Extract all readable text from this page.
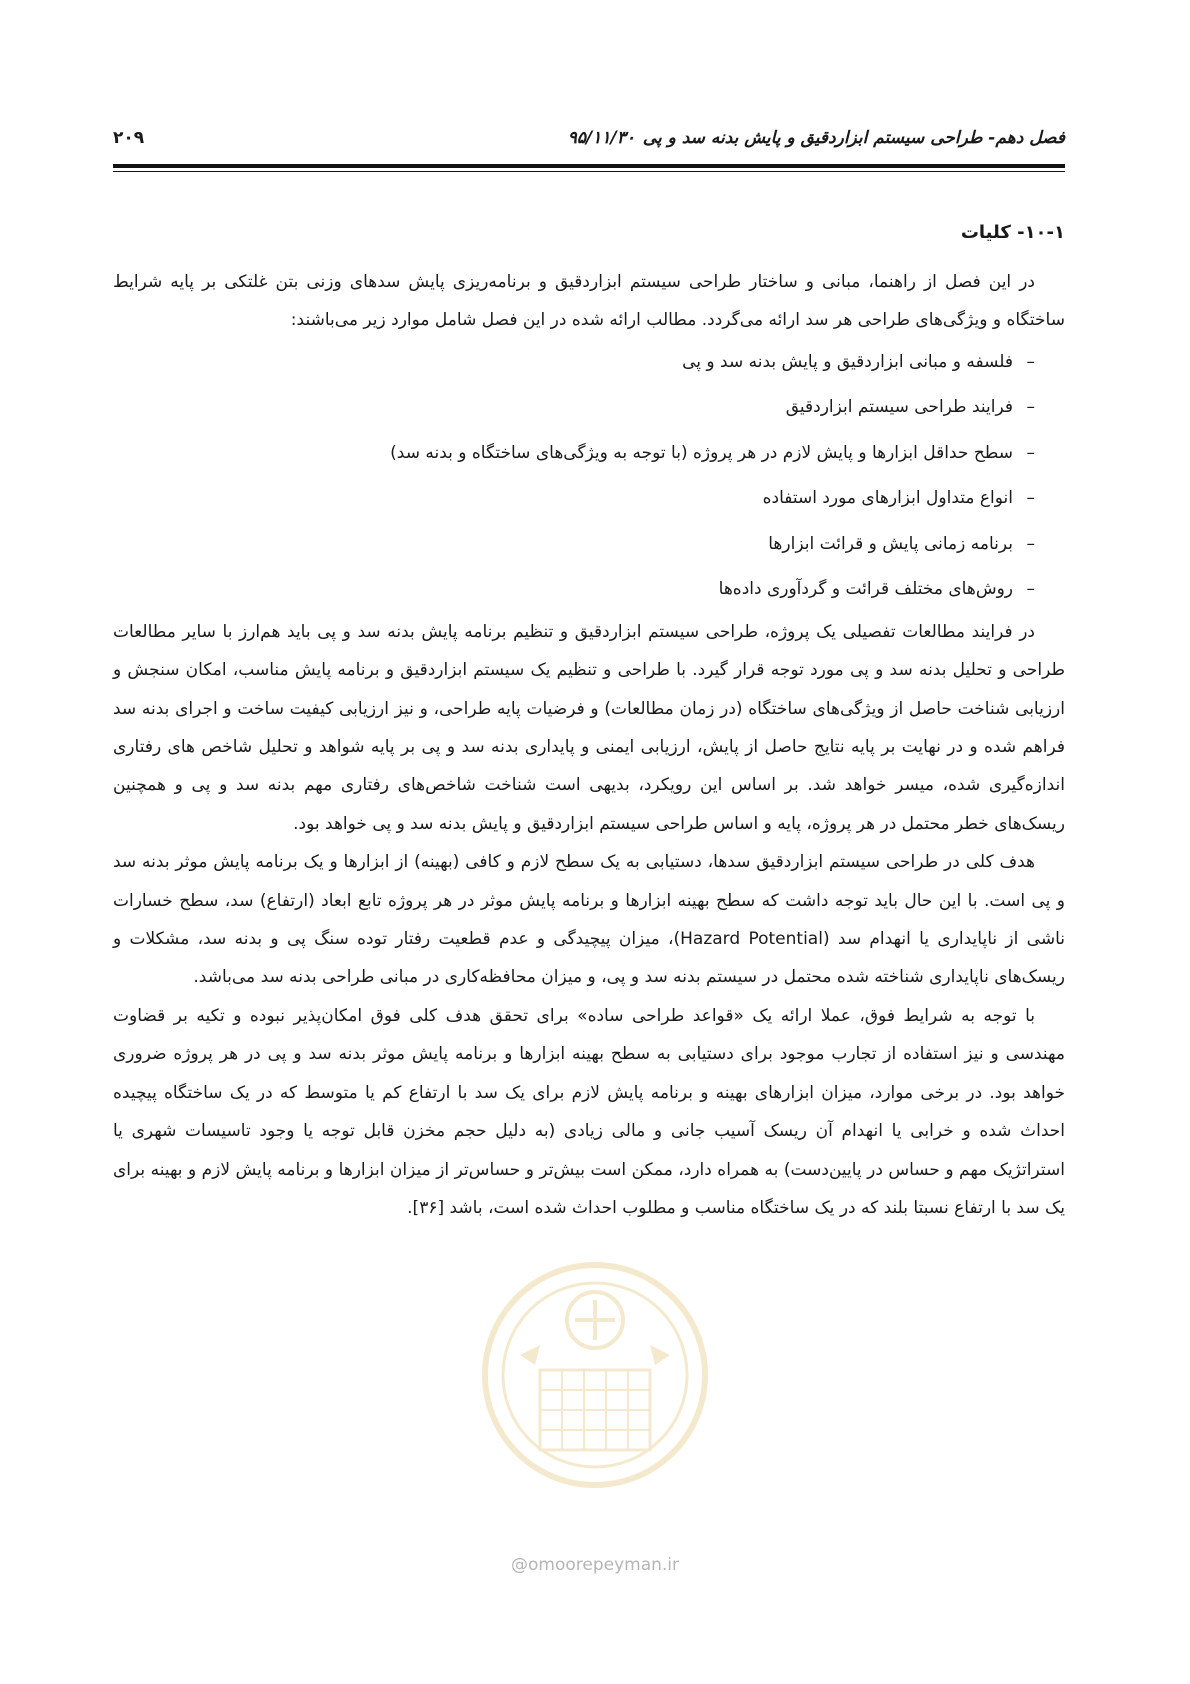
فصل دهم- طراحی سیستم ابزاردقیق و پایش بدنه سد و پی
۹۵/۱۱/۳۰
۲۰۹
۱۰-۱- کلیات

در این فصل از راهنما، مبانی و ساختار طراحی سیستم ابزاردقیق و برنامه‌ریزی پایش سدهای وزنی بتن غلتکی بر پایه شرایط ساختگاه و ویژگی‌های طراحی هر سد ارائه می‌گردد. مطالب ارائه شده در این فصل شامل موارد زیر می‌باشند:

–
فلسفه و مبانی ابزاردقیق و پایش بدنه سد و پی
–
فرایند طراحی سیستم ابزاردقیق
–
سطح حداقل ابزارها و پایش لازم در هر پروژه (با توجه به ویژگی‌های ساختگاه و بدنه سد)
–
انواع متداول ابزارهای مورد استفاده
–
برنامه زمانی پایش و قرائت ابزارها
–
روش‌های مختلف قرائت و گردآوری داده‌ها

در فرایند مطالعات تفصیلی یک پروژه، طراحی سیستم ابزاردقیق و تنظیم برنامه پایش بدنه سد و پی باید هم‌ارز با سایر مطالعات طراحی و تحلیل بدنه سد و پی مورد توجه قرار گیرد. با طراحی و تنظیم یک سیستم ابزاردقیق و برنامه پایش مناسب، امکان سنجش و ارزیابی شناخت حاصل از ویژگی‌های ساختگاه (در زمان مطالعات) و فرضیات پایه طراحی، و نیز ارزیابی کیفیت ساخت و اجرای بدنه سد فراهم شده و در نهایت بر پایه نتایج حاصل از پایش، ارزیابی ایمنی و پایداری بدنه سد و پی بر پایه شواهد و تحلیل شاخص های رفتاری اندازه‌گیری شده، میسر خواهد شد. بر اساس این رویکرد، بدیهی است شناخت شاخص‌های رفتاری مهم بدنه سد و پی و همچنین ریسک‌های خطر محتمل در هر پروژه، پایه و اساس طراحی سیستم ابزاردقیق و پایش بدنه سد و پی خواهد بود.

هدف کلی در طراحی سیستم ابزاردقیق سدها، دستیابی به یک سطح لازم و کافی (بهینه) از ابزارها و یک برنامه پایش موثر بدنه سد و پی است. با این حال باید توجه داشت که سطح بهینه ابزارها و برنامه پایش موثر در هر پروژه تابع ابعاد (ارتفاع) سد، سطح خسارات ناشی از ناپایداری یا انهدام سد (Hazard Potential)، میزان پیچیدگی و عدم قطعیت رفتار توده سنگ پی و بدنه سد، مشکلات و ریسک‌های ناپایداری شناخته شده محتمل در سیستم بدنه سد و پی، و میزان محافظه‌کاری در مبانی طراحی بدنه سد می‌باشد.

با توجه به شرایط فوق، عملا ارائه یک «قواعد طراحی ساده» برای تحقق هدف کلی فوق امکان‌پذیر نبوده و تکیه بر قضاوت مهندسی و نیز استفاده از تجارب موجود برای دستیابی به سطح بهینه ابزارها و برنامه پایش موثر بدنه سد و پی در هر پروژه ضروری خواهد بود. در برخی موارد، میزان ابزارهای بهینه و برنامه پایش لازم برای یک سد با ارتفاع کم یا متوسط که در یک ساختگاه پیچیده احداث شده و خرابی یا انهدام آن ریسک آسیب جانی و مالی زیادی (به دلیل حجم مخزن قابل توجه یا وجود تاسیسات شهری یا استراتژیک مهم و حساس در پایین‌دست) به همراه دارد، ممکن است بیش‌تر و حساس‌تر از میزان ابزارها و برنامه پایش لازم و بهینه برای یک سد با ارتفاع نسبتا بلند که در یک ساختگاه مناسب و مطلوب احداث شده است، باشد [۳۶].

@omoorepeyman.ir
